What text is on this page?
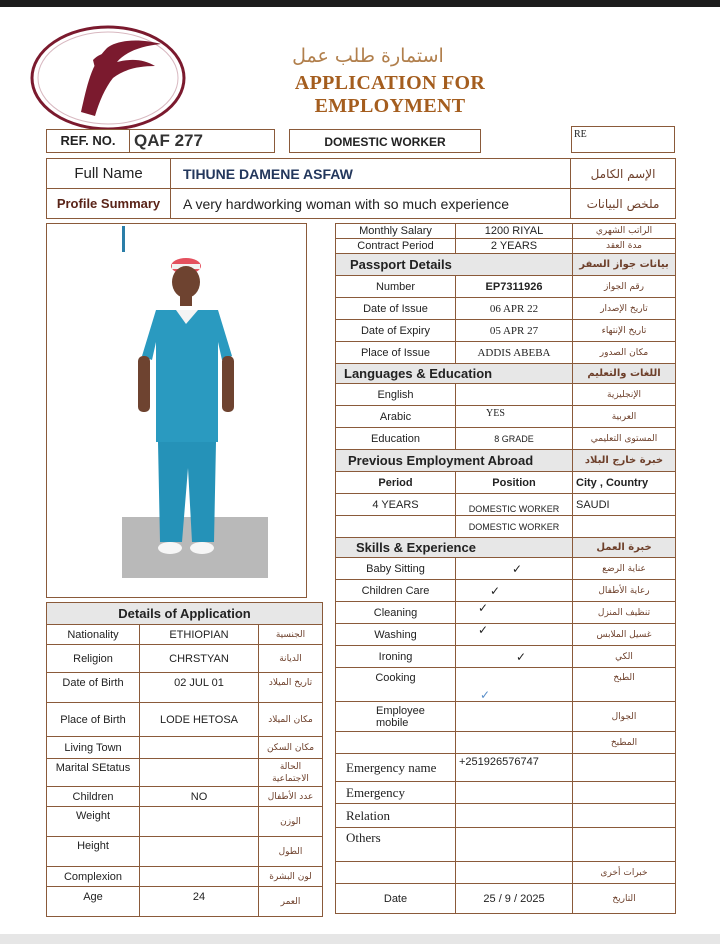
استمارة طلب عمل
APPLICATION FOR EMPLOYMENT
REF. NO.	QAF 277	DOMESTIC WORKER
RE
Full Name	TIHUNE DAMENE ASFAW	الإسم الكامل
Profile Summary	A very hardworking woman with so much experience	ملخص البيانات
Monthly Salary	1200 RIYAL	الراتب الشهري
Contract Period	2 YEARS	مدة العقد
Passport Details		بيانات جواز السفر
Number	EP7311926	رقم الجواز
Date of Issue	06 APR 22	تاريخ الإصدار
Date of Expiry	05 APR 27	تاريخ الإنتهاء
Place of Issue	ADDIS ABEBA	مكان الصدور
Languages & Education		اللغات والتعليم
English		الإنجليزية
Arabic	YES	العربية
Education	8 GRADE	المستوى التعليمي
Previous Employment Abroad		خبرة خارج البلاد
Period	Position	City , Country
4 YEARS	DOMESTIC WORKER	SAUDI
	DOMESTIC WORKER	
Skills & Experience		خبرة العمل
Baby Sitting	✓	عناية الرضع
Children Care	✓	رعاية الأطفال
Cleaning	✓	تنظيف المنزل
Washing	✓	غسيل الملابس
Ironing	✓	الكي
Cooking	✓	الطبخ
Employee mobile		الجوال
		المطبخ
Emergency name	+251926576747	
Emergency		
Relation		
Others		
		خبرات أخرى
Date	25 / 9 / 2025	التاريخ
Details of Application		
Nationality	ETHIOPIAN	الجنسية
Religion	CHRSTYAN	الديانة
Date of Birth	02 JUL 01	تاريخ الميلاد
Place of Birth	LODE HETOSA	مكان الميلاد
Living Town		مكان السكن
Marital SEtatus		الحالة الاجتماعية
Children	NO	عدد الأطفال
Weight		الوزن
Height		الطول
Complexion		لون البشرة
Age	24	العمر
